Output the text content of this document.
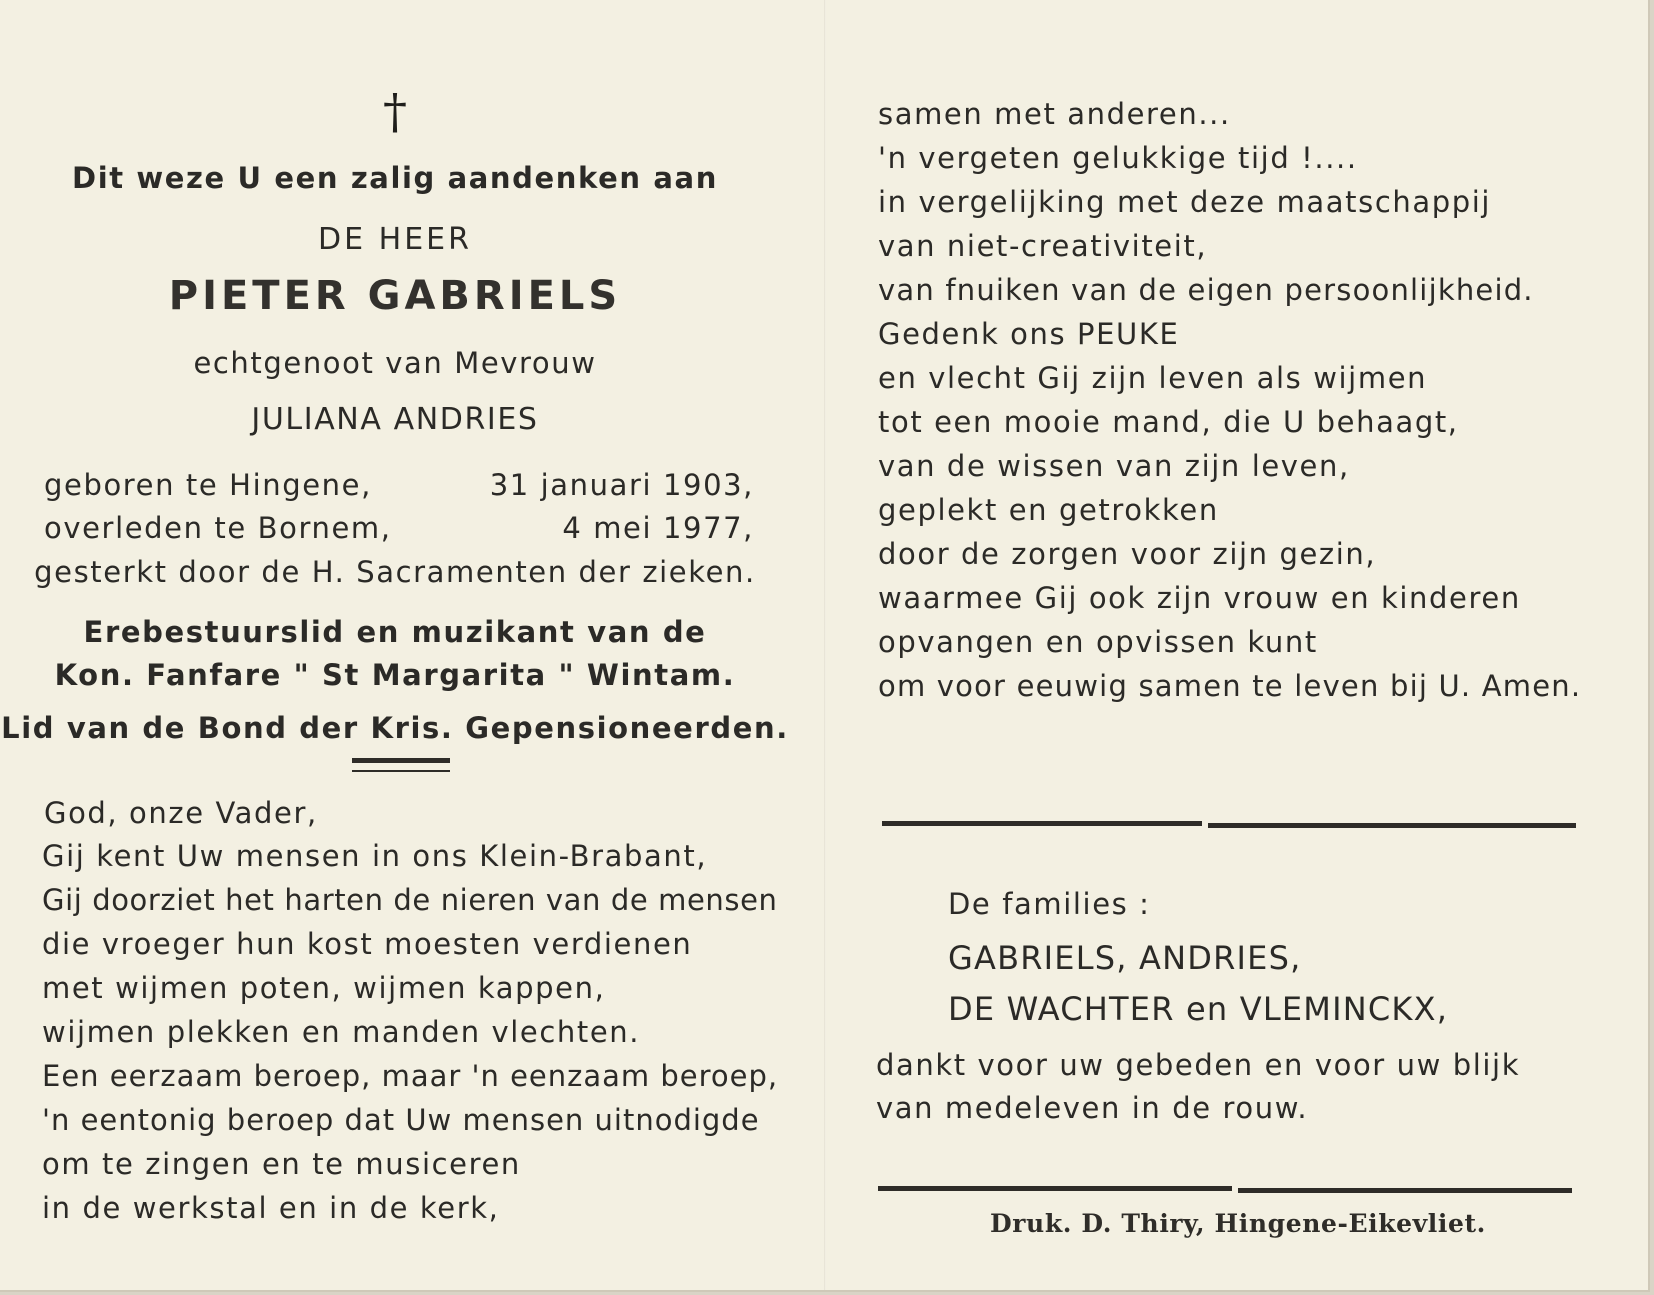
†
Dit weze U een zalig aandenken aan
DE HEER
PIETER GABRIELS
echtgenoot van Mevrouw
JULIANA ANDRIES
geboren te Hingene,	31 januari 1903,
overleden te Bornem,	4 mei 1977,
gesterkt door de H. Sacramenten der zieken.
Erebestuurslid en muzikant van de
Kon. Fanfare " St Margarita " Wintam.
Lid van de Bond der Kris. Gepensioneerden.
God, onze Vader,
Gij kent Uw mensen in ons Klein-Brabant,
Gij doorziet het harten de nieren van de mensen
die vroeger hun kost moesten verdienen
met wijmen poten, wijmen kappen,
wijmen plekken en manden vlechten.
Een eerzaam beroep, maar 'n eenzaam beroep,
'n eentonig beroep dat Uw mensen uitnodigde
om te zingen en te musiceren
in de werkstal en in de kerk,
samen met anderen...
'n vergeten gelukkige tijd !....
in vergelijking met deze maatschappij
van niet-creativiteit,
van fnuiken van de eigen persoonlijkheid.
Gedenk ons PEUKE
en vlecht Gij zijn leven als wijmen
tot een mooie mand, die U behaagt,
van de wissen van zijn leven,
geplekt en getrokken
door de zorgen voor zijn gezin,
waarmee Gij ook zijn vrouw en kinderen
opvangen en opvissen kunt
om voor eeuwig samen te leven bij U. Amen.
De families :
GABRIELS, ANDRIES,
DE WACHTER en VLEMINCKX,
dankt voor uw gebeden en voor uw blijk
van medeleven in de rouw.
Druk. D. Thiry, Hingene-Eikevliet.
